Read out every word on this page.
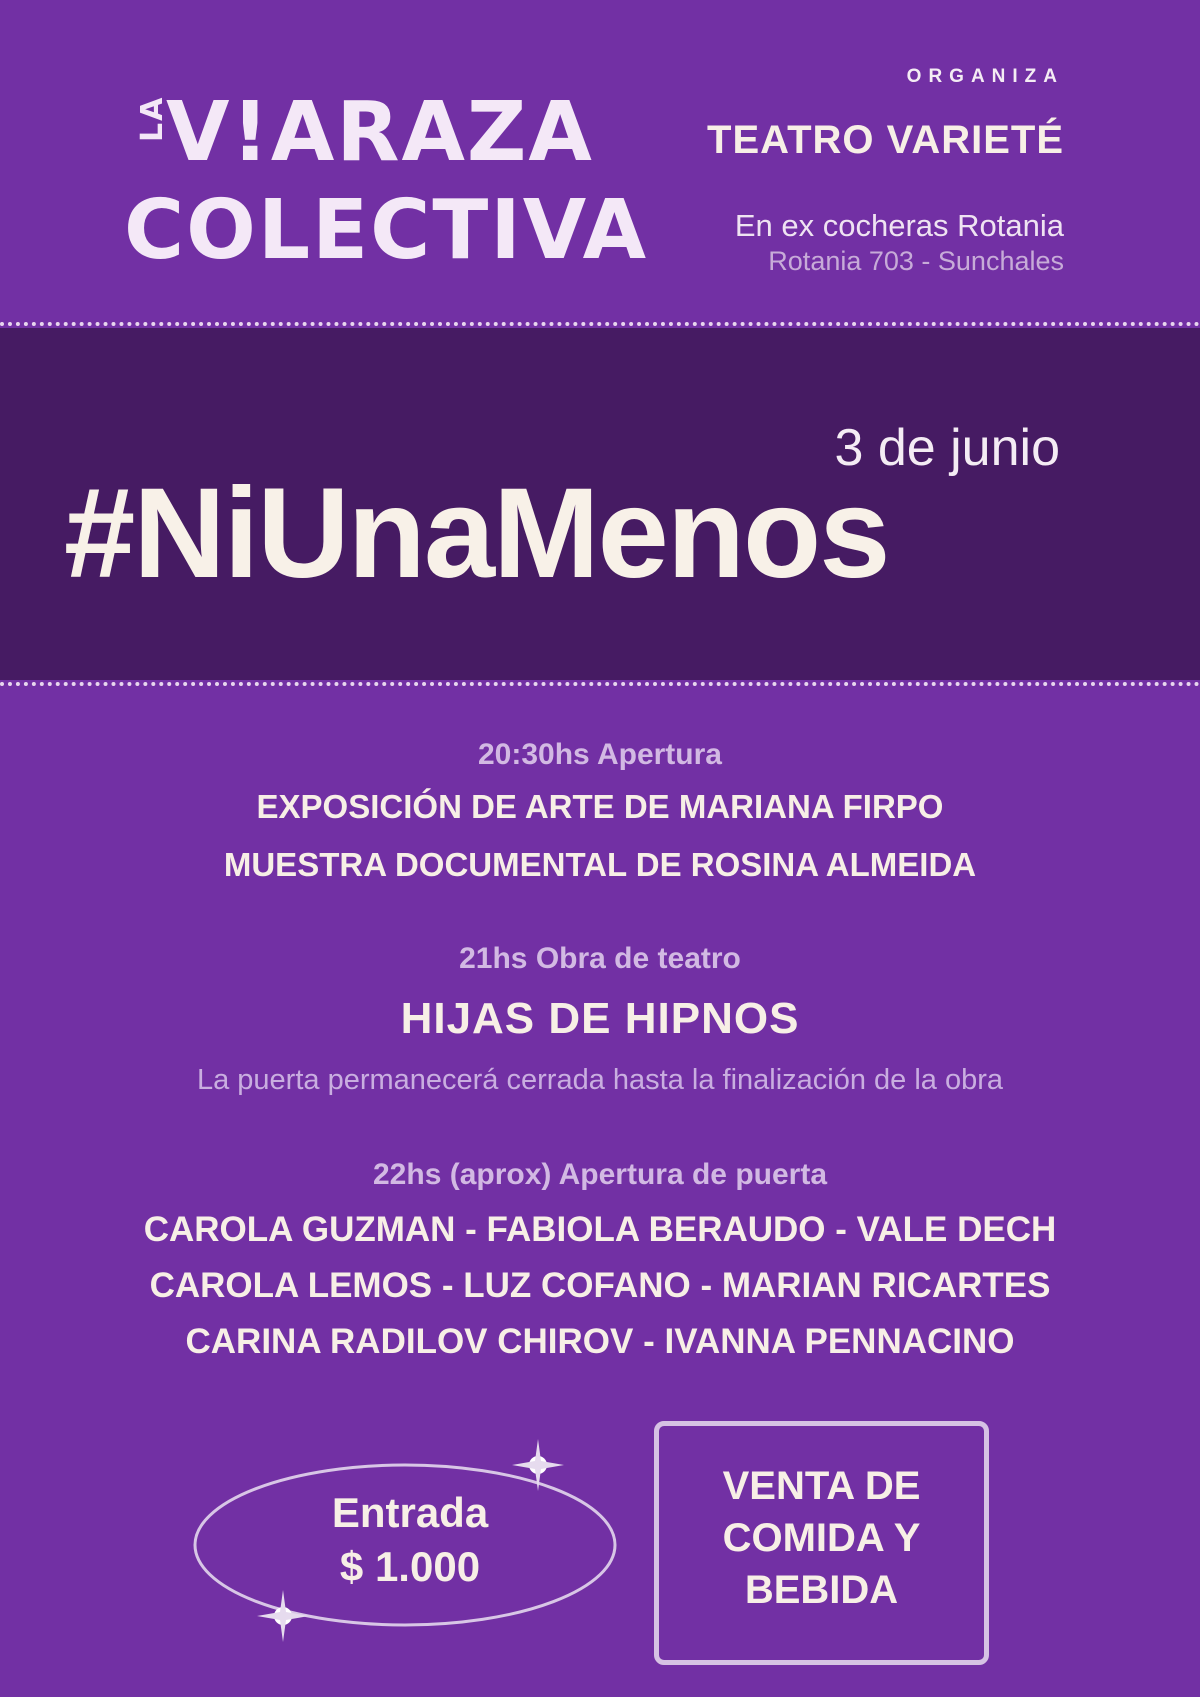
LA
V!ARAZA
COLECTIVA
ORGANIZA
TEATRO VARIETÉ
En ex cocheras Rotania
Rotania 703 - Sunchales
3 de junio
#NiUnaMenos
20:30hs Apertura
EXPOSICIÓN DE ARTE DE MARIANA FIRPO
MUESTRA DOCUMENTAL DE ROSINA ALMEIDA
21hs Obra de teatro
HIJAS DE HIPNOS
La puerta permanecerá cerrada hasta la finalización de la obra
22hs (aprox) Apertura de puerta
CAROLA GUZMAN - FABIOLA BERAUDO - VALE DECH
CAROLA LEMOS - LUZ COFANO - MARIAN RICARTES
CARINA RADILOV CHIROV - IVANNA PENNACINO
Entrada
$ 1.000
VENTA DE
COMIDA Y
BEBIDA
